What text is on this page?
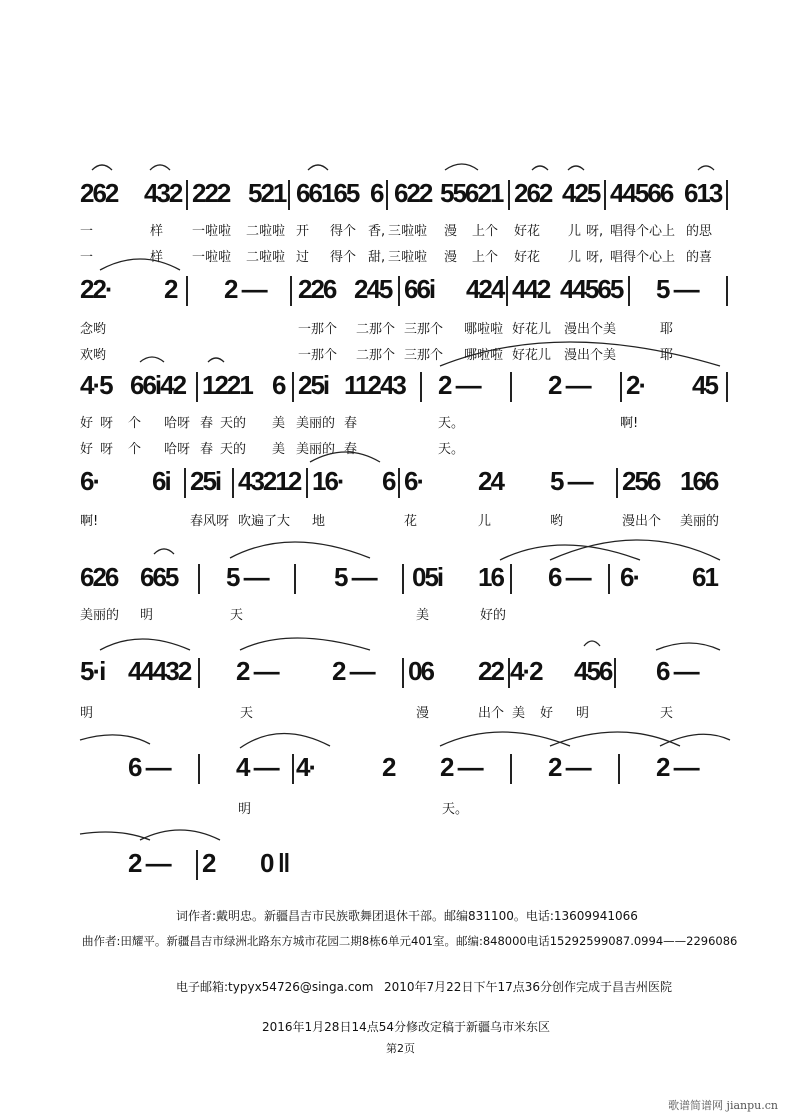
262 432 222 521 66165 6 622 55621 262 425 44566 613
一	样 一啦啦 二啦啦 开 得个 香, 三啦啦 漫 上个 好花 儿 呀, 唱得个心上 的思
一	样 一啦啦 二啦啦 过 得个 甜, 三啦啦 漫 上个 好花 儿 呀, 唱得个心上 的喜
22· 2 2 — 226 245 66i 424 442 44565 5 —
念哟	一那个 二那个 三那个 哪啦啦 好花儿 漫出个美	耶
欢哟	一那个 二那个 三那个 哪啦啦 好花儿 漫出个美	耶
4·5 66i42 1221 6 25i 11243 2 —	2 — 2· 45
好 呀 个 哈呀 春 天的 美 美丽的 春	天。	啊!
好 呀 个 哈呀 春 天的 美 美丽的 春	天。
6· 6i 25i 43212 16· 6 6· 24 5 — 256 166
啊!	春风呀 吹遍了大 地	花	儿	哟	漫出个 美丽的
626 665 5 —	5 — 05i 16 6 — 6· 61
美丽的 明	天	美	好的
5·i 44432 2 — 2 — 06 22 4·2 456 6 —
明	天	漫	出个 美 好 明	天
6 —	4 — 4·	2 2 —	2 —	2 —
明	天。
2 — 2 0 ‖
词作者:戴明忠。新疆昌吉市民族歌舞团退休干部。邮编831100。电话:13609941066
曲作者:田耀平。新疆昌吉市绿洲北路东方城市花园二期8栋6单元401室。邮编:848000电话15292599087.0994——2296086
电子邮箱:typyx54726@singa.com 2010年7月22日下午17点36分创作完成于昌吉州医院
2016年1月28日14点54分修改定稿于新疆乌市米东区
第2页
歌谱简谱网 jianpu.cn
